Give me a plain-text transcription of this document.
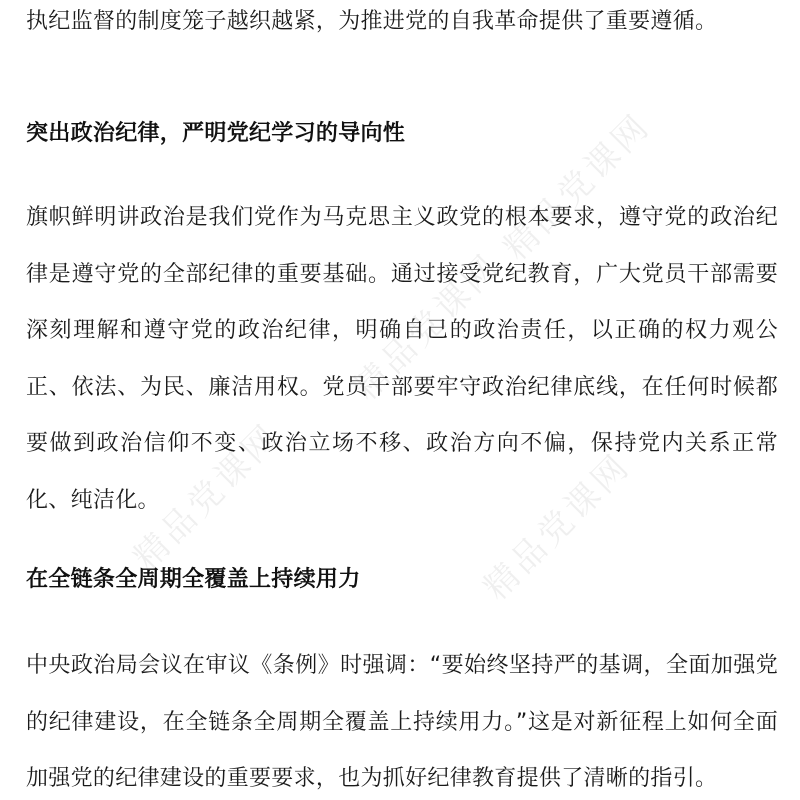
执纪监督的制度笼子越织越紧，为推进党的自我革命提供了重要遵循。

突出政治纪律，严明党纪学习的导向性

旗帜鲜明讲政治是我们党作为马克思主义政党的根本要求，遵守党的政治纪律是遵守党的全部纪律的重要基础。通过接受党纪教育，广大党员干部需要深刻理解和遵守党的政治纪律，明确自己的政治责任，以正确的权力观公正、依法、为民、廉洁用权。党员干部要牢守政治纪律底线，在任何时候都要做到政治信仰不变、政治立场不移、政治方向不偏，保持党内关系正常化、纯洁化。

在全链条全周期全覆盖上持续用力

中央政治局会议在审议《条例》时强调：“要始终坚持严的基调，全面加强党的纪律建设，在全链条全周期全覆盖上持续用力。”这是对新征程上如何全面加强党的纪律建设的重要要求，也为抓好纪律教育提供了清晰的指引。

精品党课网
精品党课网
精品党课网
精品党课网
